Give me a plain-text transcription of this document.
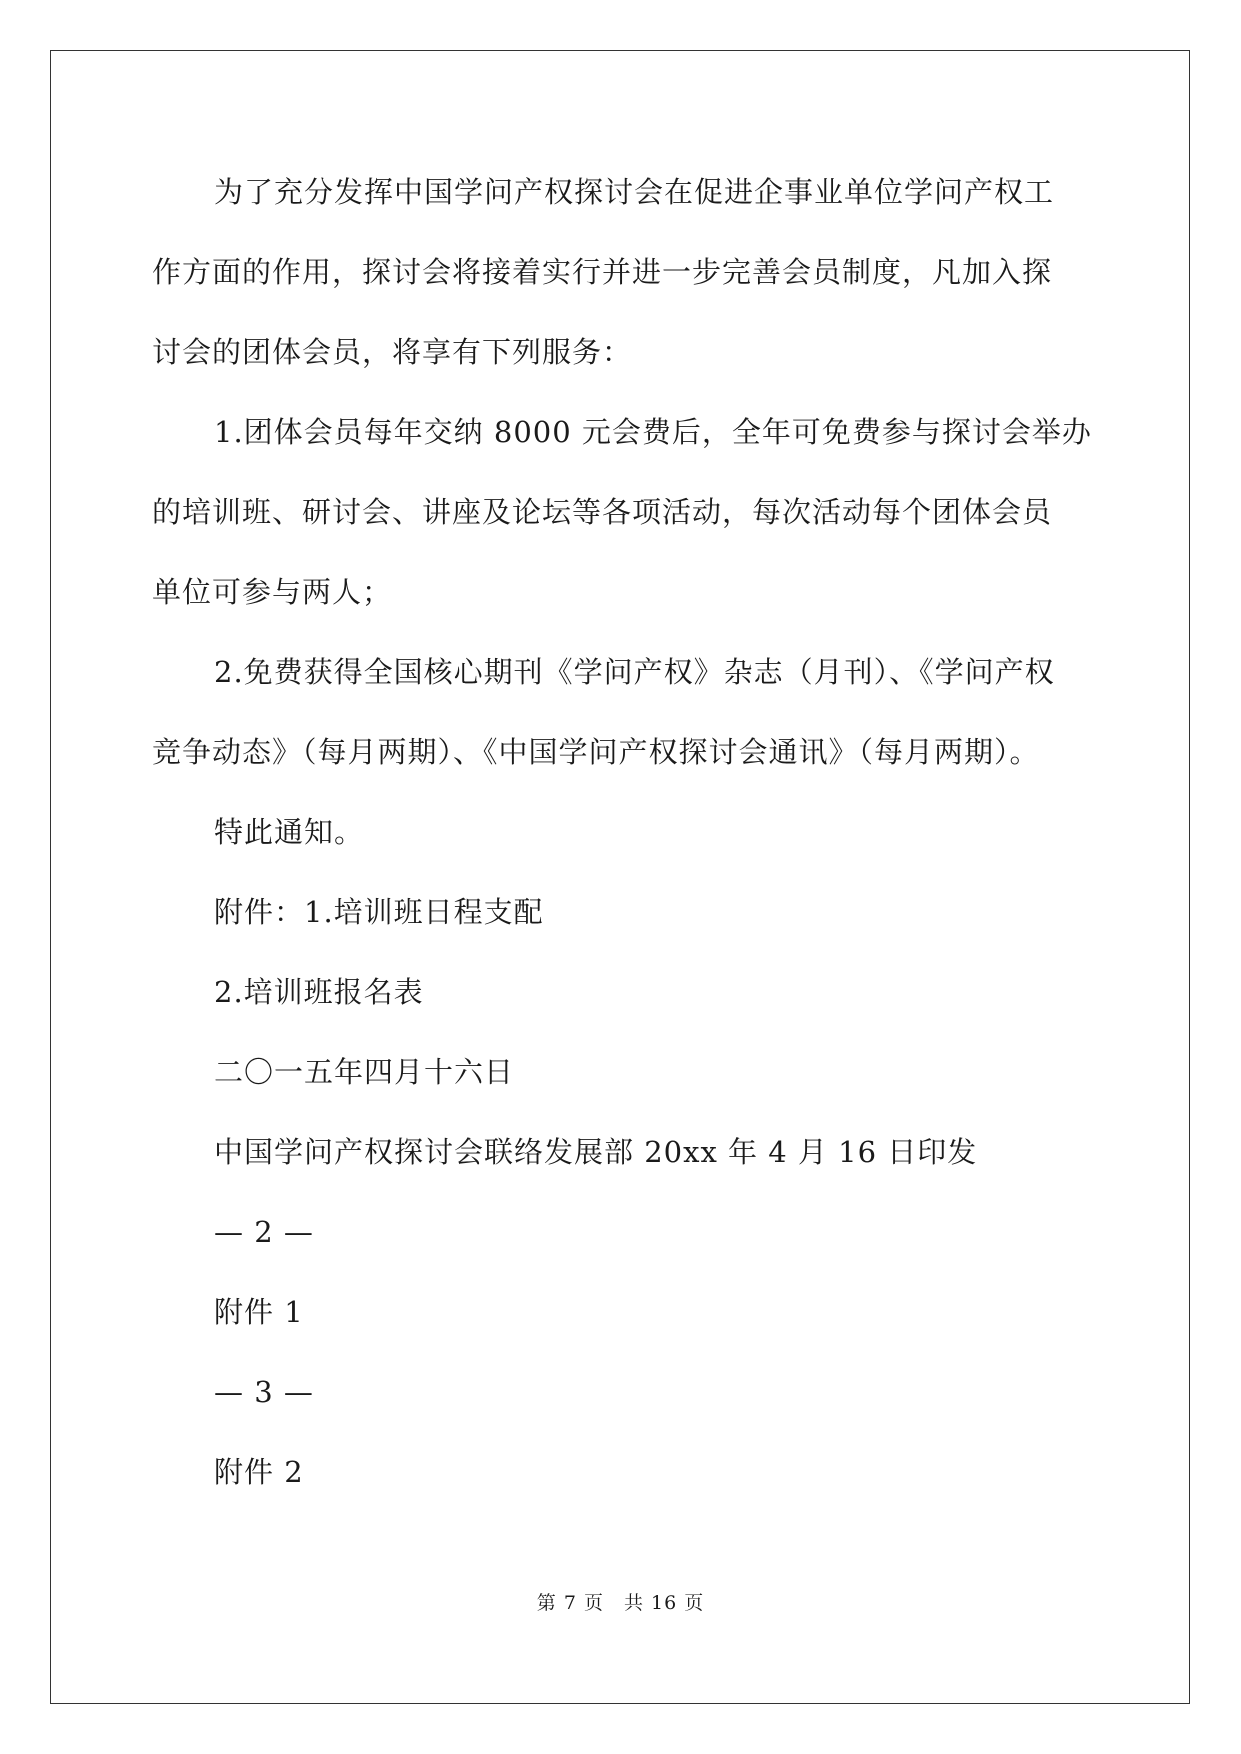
为了充分发挥中国学问产权探讨会在促进企事业单位学问产权工
作方面的作用，探讨会将接着实行并进一步完善会员制度，凡加入探
讨会的团体会员，将享有下列服务：
1.团体会员每年交纳 8000 元会费后，全年可免费参与探讨会举办
的培训班、研讨会、讲座及论坛等各项活动，每次活动每个团体会员
单位可参与两人；
2.免费获得全国核心期刊《学问产权》杂志（月刊）、《学问产权
竞争动态》（每月两期）、《中国学问产权探讨会通讯》（每月两期）。
特此通知。
附件：1.培训班日程支配
2.培训班报名表
二〇一五年四月十六日
中国学问产权探讨会联络发展部 20xx 年 4 月 16 日印发
— 2 —
附件 1
— 3 —
附件 2
第 7 页　共 16 页
